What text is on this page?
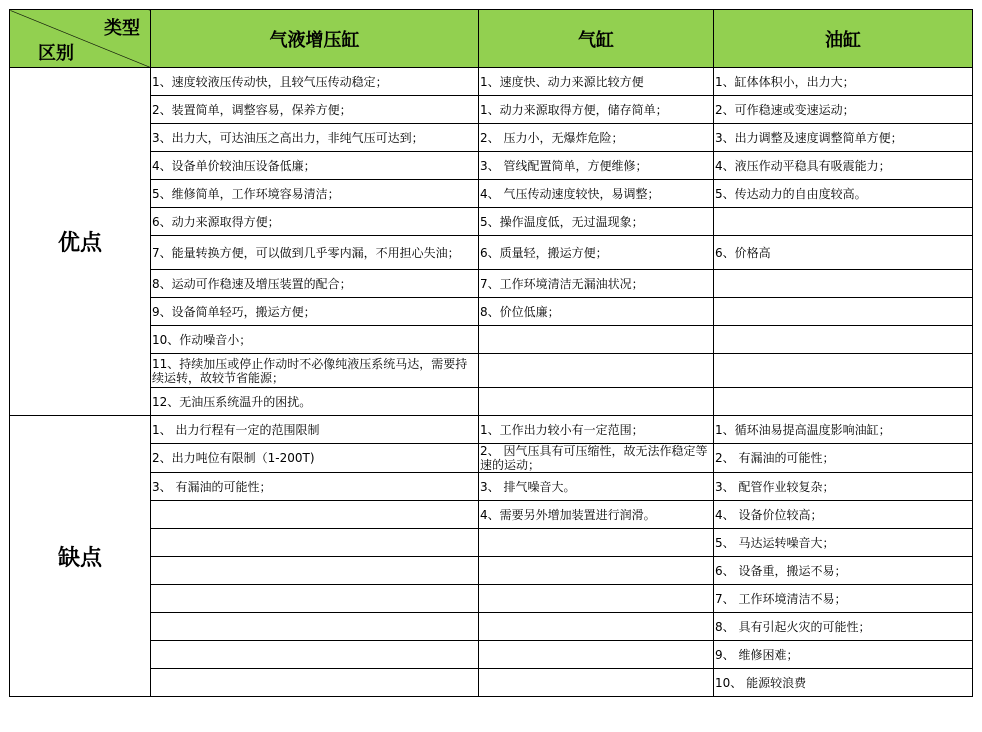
类型
区别	气液增压缸	气缸	油缸
优点	1、速度较液压传动快，且较气压传动稳定；	1、速度快、动力来源比较方便	1、缸体体积小，出力大；
	2、装置简单，调整容易，保养方便；	1、动力来源取得方便，储存简单；	2、可作稳速或变速运动；
	3、出力大，可达油压之高出力，非纯气压可达到；	2、 压力小，无爆炸危险；	3、出力调整及速度调整简单方便；
	4、设备单价较油压设备低廉；	3、 管线配置简单，方便维修；	4、液压作动平稳具有吸震能力；
	5、维修简单，工作环境容易清洁；	4、 气压传动速度较快，易调整；	5、传达动力的自由度较高。
	6、动力来源取得方便；	5、操作温度低，无过温现象；	
	7、能量转换方便，可以做到几乎零内漏，不用担心失油；	6、质量轻，搬运方便；	6、价格高
	8、运动可作稳速及增压装置的配合；	7、工作环境清洁无漏油状况；	
	9、设备简单轻巧，搬运方便；	8、价位低廉；	
	10、作动噪音小；		
	11、持续加压或停止作动时不必像纯液压系统马达，需要持续运转，故较节省能源；		
	12、无油压系统温升的困扰。		
缺点	1、 出力行程有一定的范围限制	1、工作出力较小有一定范围；	1、循环油易提高温度影响油缸；
	2、出力吨位有限制（1-200T)	2、 因气压具有可压缩性，故无法作稳定等速的运动；	2、 有漏油的可能性；
	3、 有漏油的可能性；	3、 排气噪音大。	3、 配管作业较复杂；
		4、需要另外增加装置进行润滑。	4、 设备价位较高；
			5、 马达运转噪音大；
			6、 设备重，搬运不易；
			7、 工作环境清洁不易；
			8、 具有引起火灾的可能性；
			9、 维修困难；
			10、 能源较浪费
